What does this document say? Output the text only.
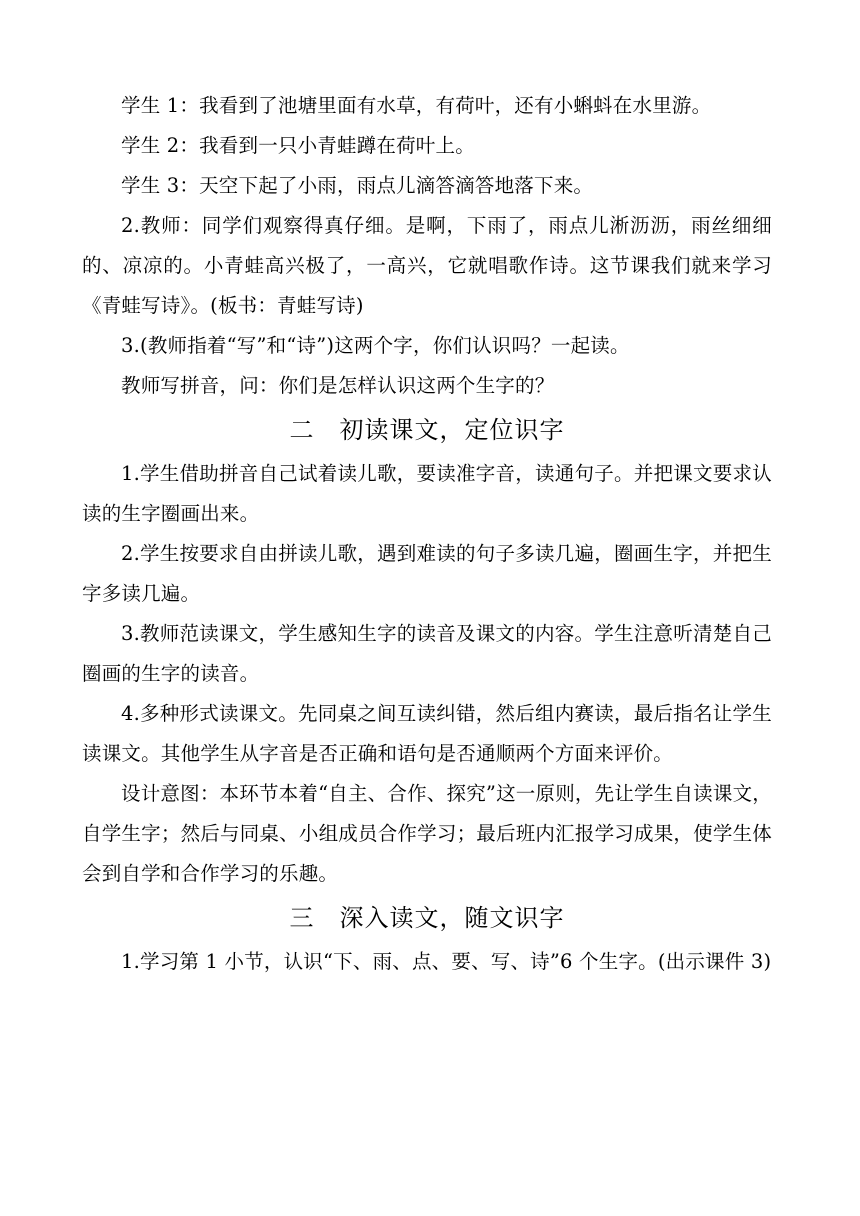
学生 1：我看到了池塘里面有水草，有荷叶，还有小蝌蚪在水里游。

学生 2：我看到一只小青蛙蹲在荷叶上。

学生 3：天空下起了小雨，雨点儿滴答滴答地落下来。

2.教师：同学们观察得真仔细。是啊，下雨了，雨点儿淅沥沥，雨丝细细的、凉凉的。小青蛙高兴极了，一高兴，它就唱歌作诗。这节课我们就来学习《青蛙写诗》。(板书：青蛙写诗)

3.(教师指着“写”和“诗”)这两个字，你们认识吗？一起读。

教师写拼音，问：你们是怎样认识这两个生字的？

二　初读课文，定位识字

1.学生借助拼音自己试着读儿歌，要读准字音，读通句子。并把课文要求认读的生字圈画出来。

2.学生按要求自由拼读儿歌，遇到难读的句子多读几遍，圈画生字，并把生字多读几遍。

3.教师范读课文，学生感知生字的读音及课文的内容。学生注意听清楚自己圈画的生字的读音。

4.多种形式读课文。先同桌之间互读纠错，然后组内赛读，最后指名让学生读课文。其他学生从字音是否正确和语句是否通顺两个方面来评价。

设计意图：本环节本着“自主、合作、探究”这一原则，先让学生自读课文，自学生字；然后与同桌、小组成员合作学习；最后班内汇报学习成果，使学生体会到自学和合作学习的乐趣。

三　深入读文，随文识字

1.学习第 1 小节，认识“下、雨、点、要、写、诗”6 个生字。(出示课件 3)
